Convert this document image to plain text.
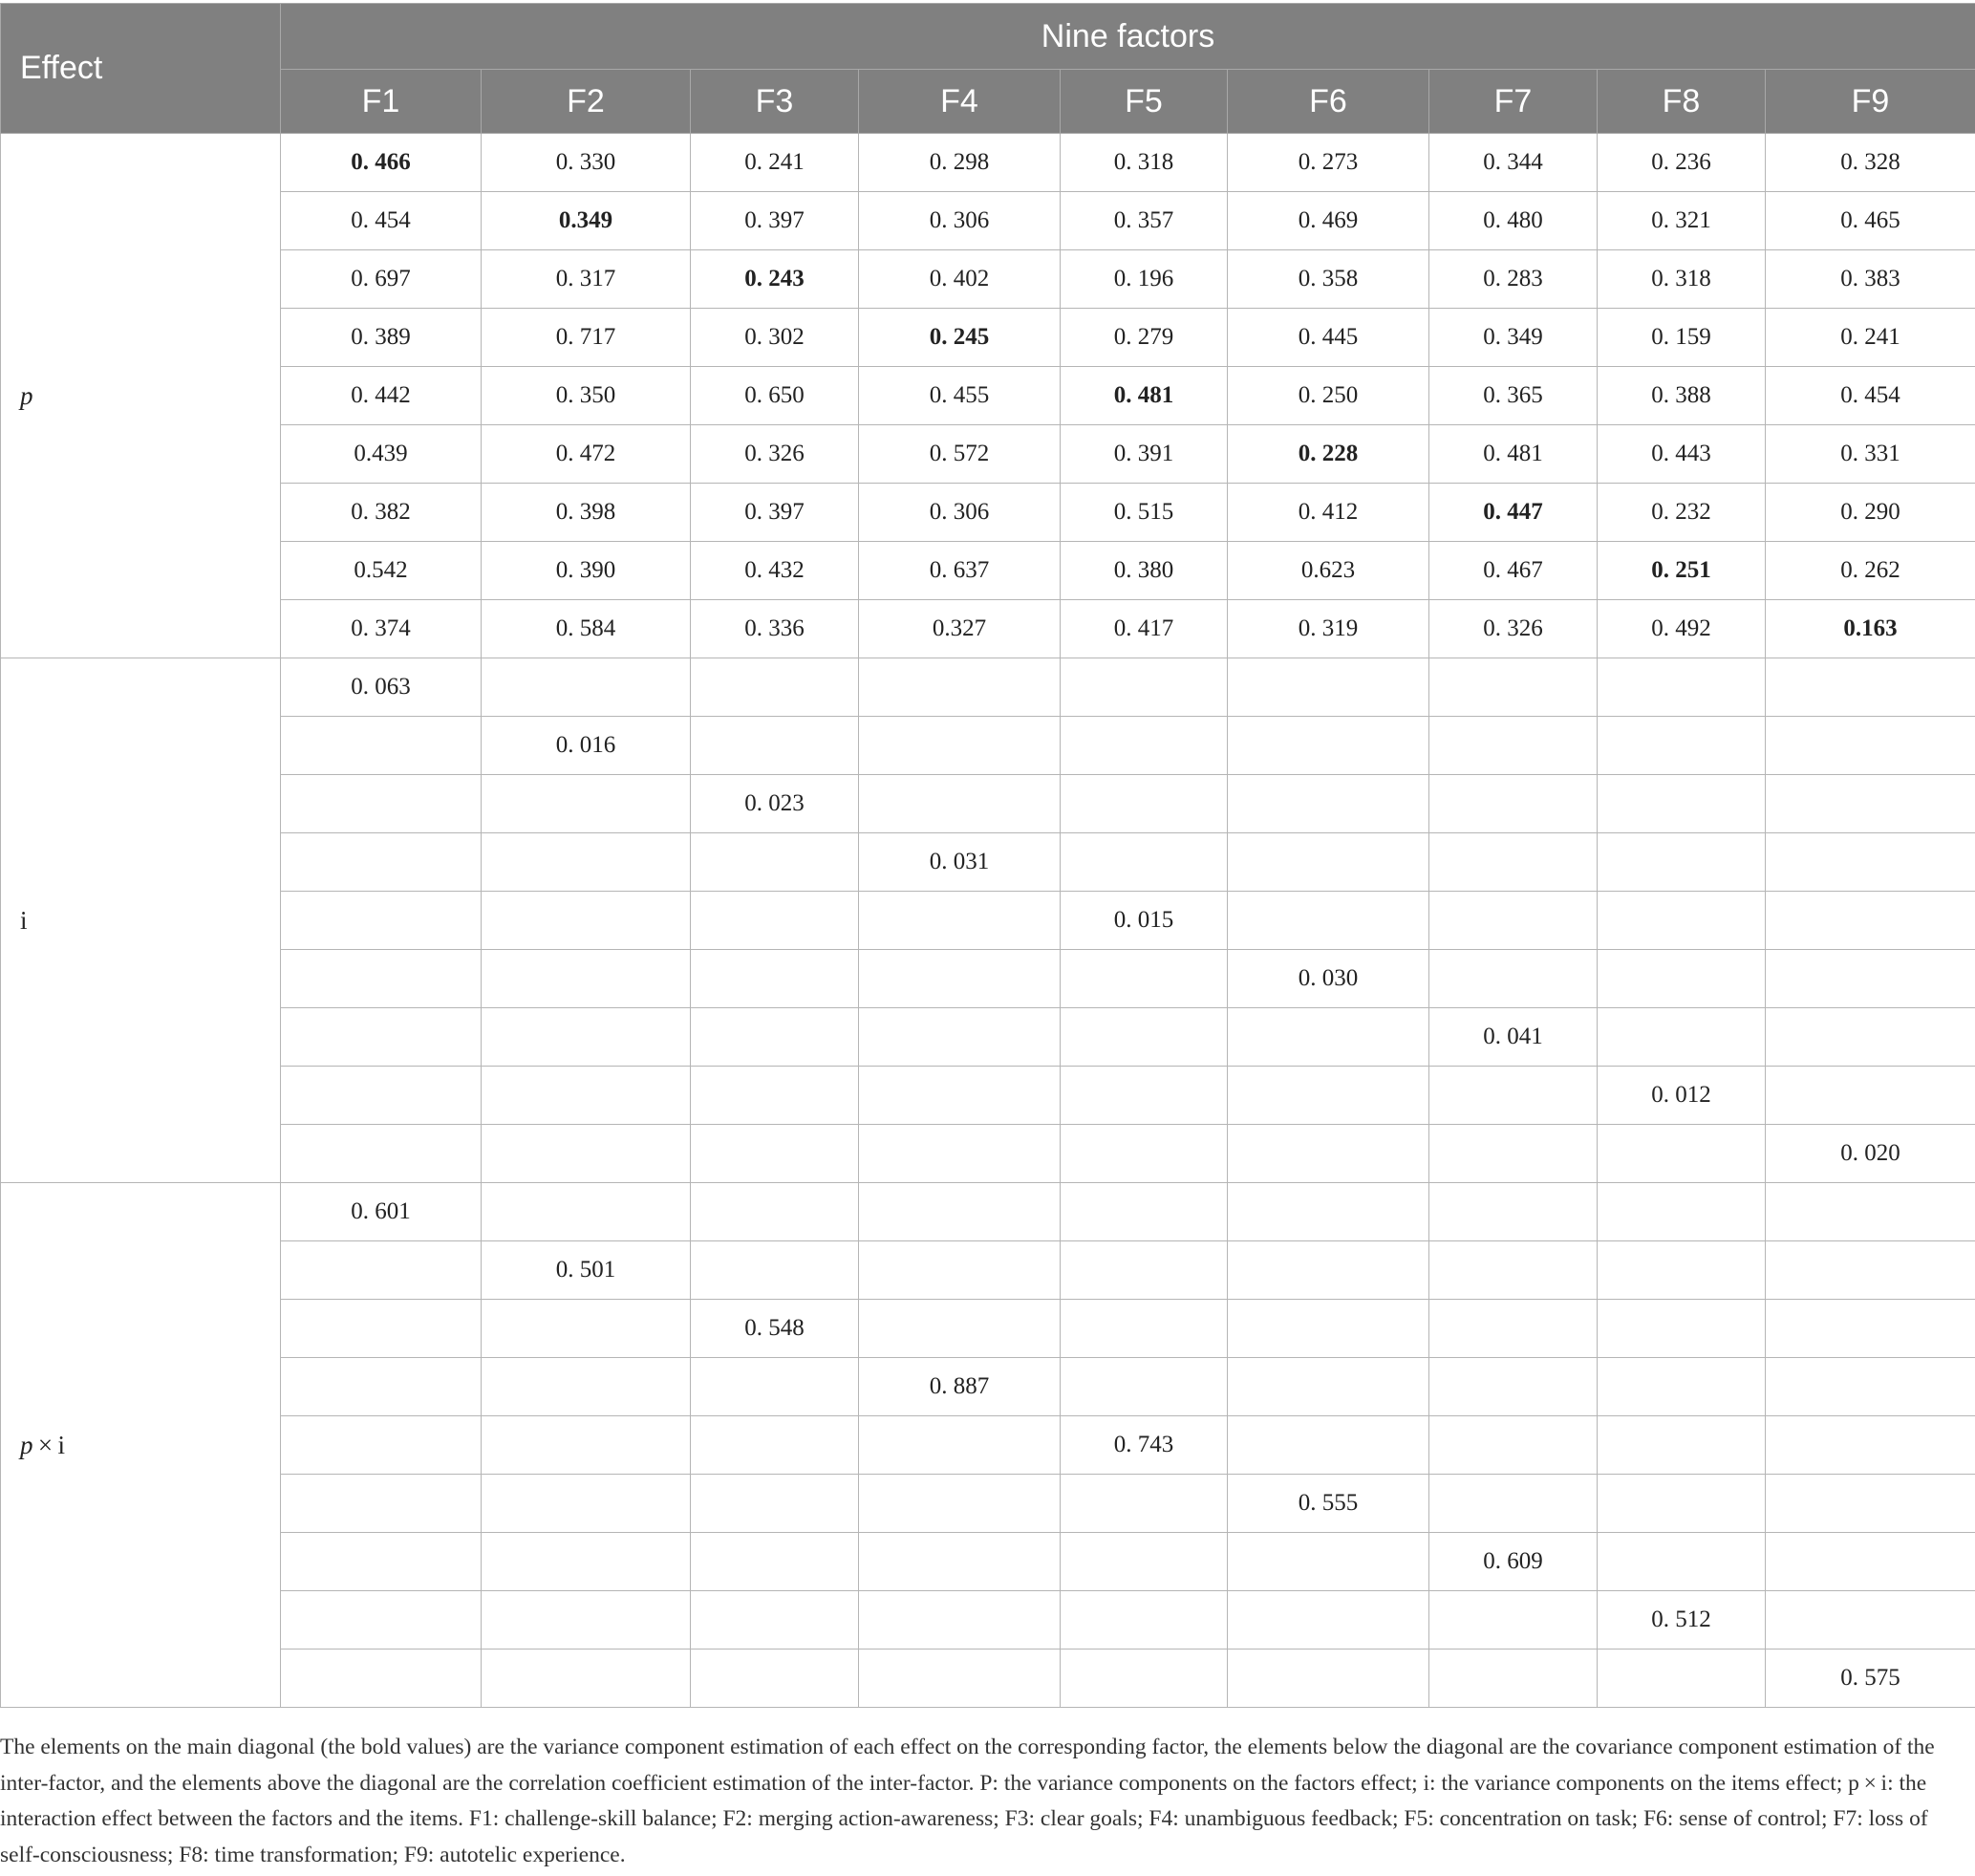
Effect	Nine factors								
	F1	F2	F3	F4	F5	F6	F7	F8	F9
p	0. 466	0. 330	0. 241	0. 298	0. 318	0. 273	0. 344	0. 236	0. 328
	0. 454	0.349	0. 397	0. 306	0. 357	0. 469	0. 480	0. 321	0. 465
	0. 697	0. 317	0. 243	0. 402	0. 196	0. 358	0. 283	0. 318	0. 383
	0. 389	0. 717	0. 302	0. 245	0. 279	0. 445	0. 349	0. 159	0. 241
	0. 442	0. 350	0. 650	0. 455	0. 481	0. 250	0. 365	0. 388	0. 454
	0.439	0. 472	0. 326	0. 572	0. 391	0. 228	0. 481	0. 443	0. 331
	0. 382	0. 398	0. 397	0. 306	0. 515	0. 412	0. 447	0. 232	0. 290
	0.542	0. 390	0. 432	0. 637	0. 380	0.623	0. 467	0. 251	0. 262
	0. 374	0. 584	0. 336	0.327	0. 417	0. 319	0. 326	0. 492	0.163
i	0. 063								
		0. 016							
			0. 023						
				0. 031					
					0. 015				
						0. 030			
							0. 041		
								0. 012	
									0. 020
p × i	0. 601								
		0. 501							
			0. 548						
				0. 887					
					0. 743				
						0. 555			
							0. 609		
								0. 512	
									0. 575
The elements on the main diagonal (the bold values) are the variance component estimation of each effect on the corresponding factor, the elements below the diagonal are the covariance component estimation of the inter-factor, and the elements above the diagonal are the correlation coefficient estimation of the inter-factor. P: the variance components on the factors effect; i: the variance components on the items effect; p × i: the interaction effect between the factors and the items. F1: challenge-skill balance; F2: merging action-awareness; F3: clear goals; F4: unambiguous feedback; F5: concentration on task; F6: sense of control; F7: loss of self-consciousness; F8: time transformation; F9: autotelic experience.
